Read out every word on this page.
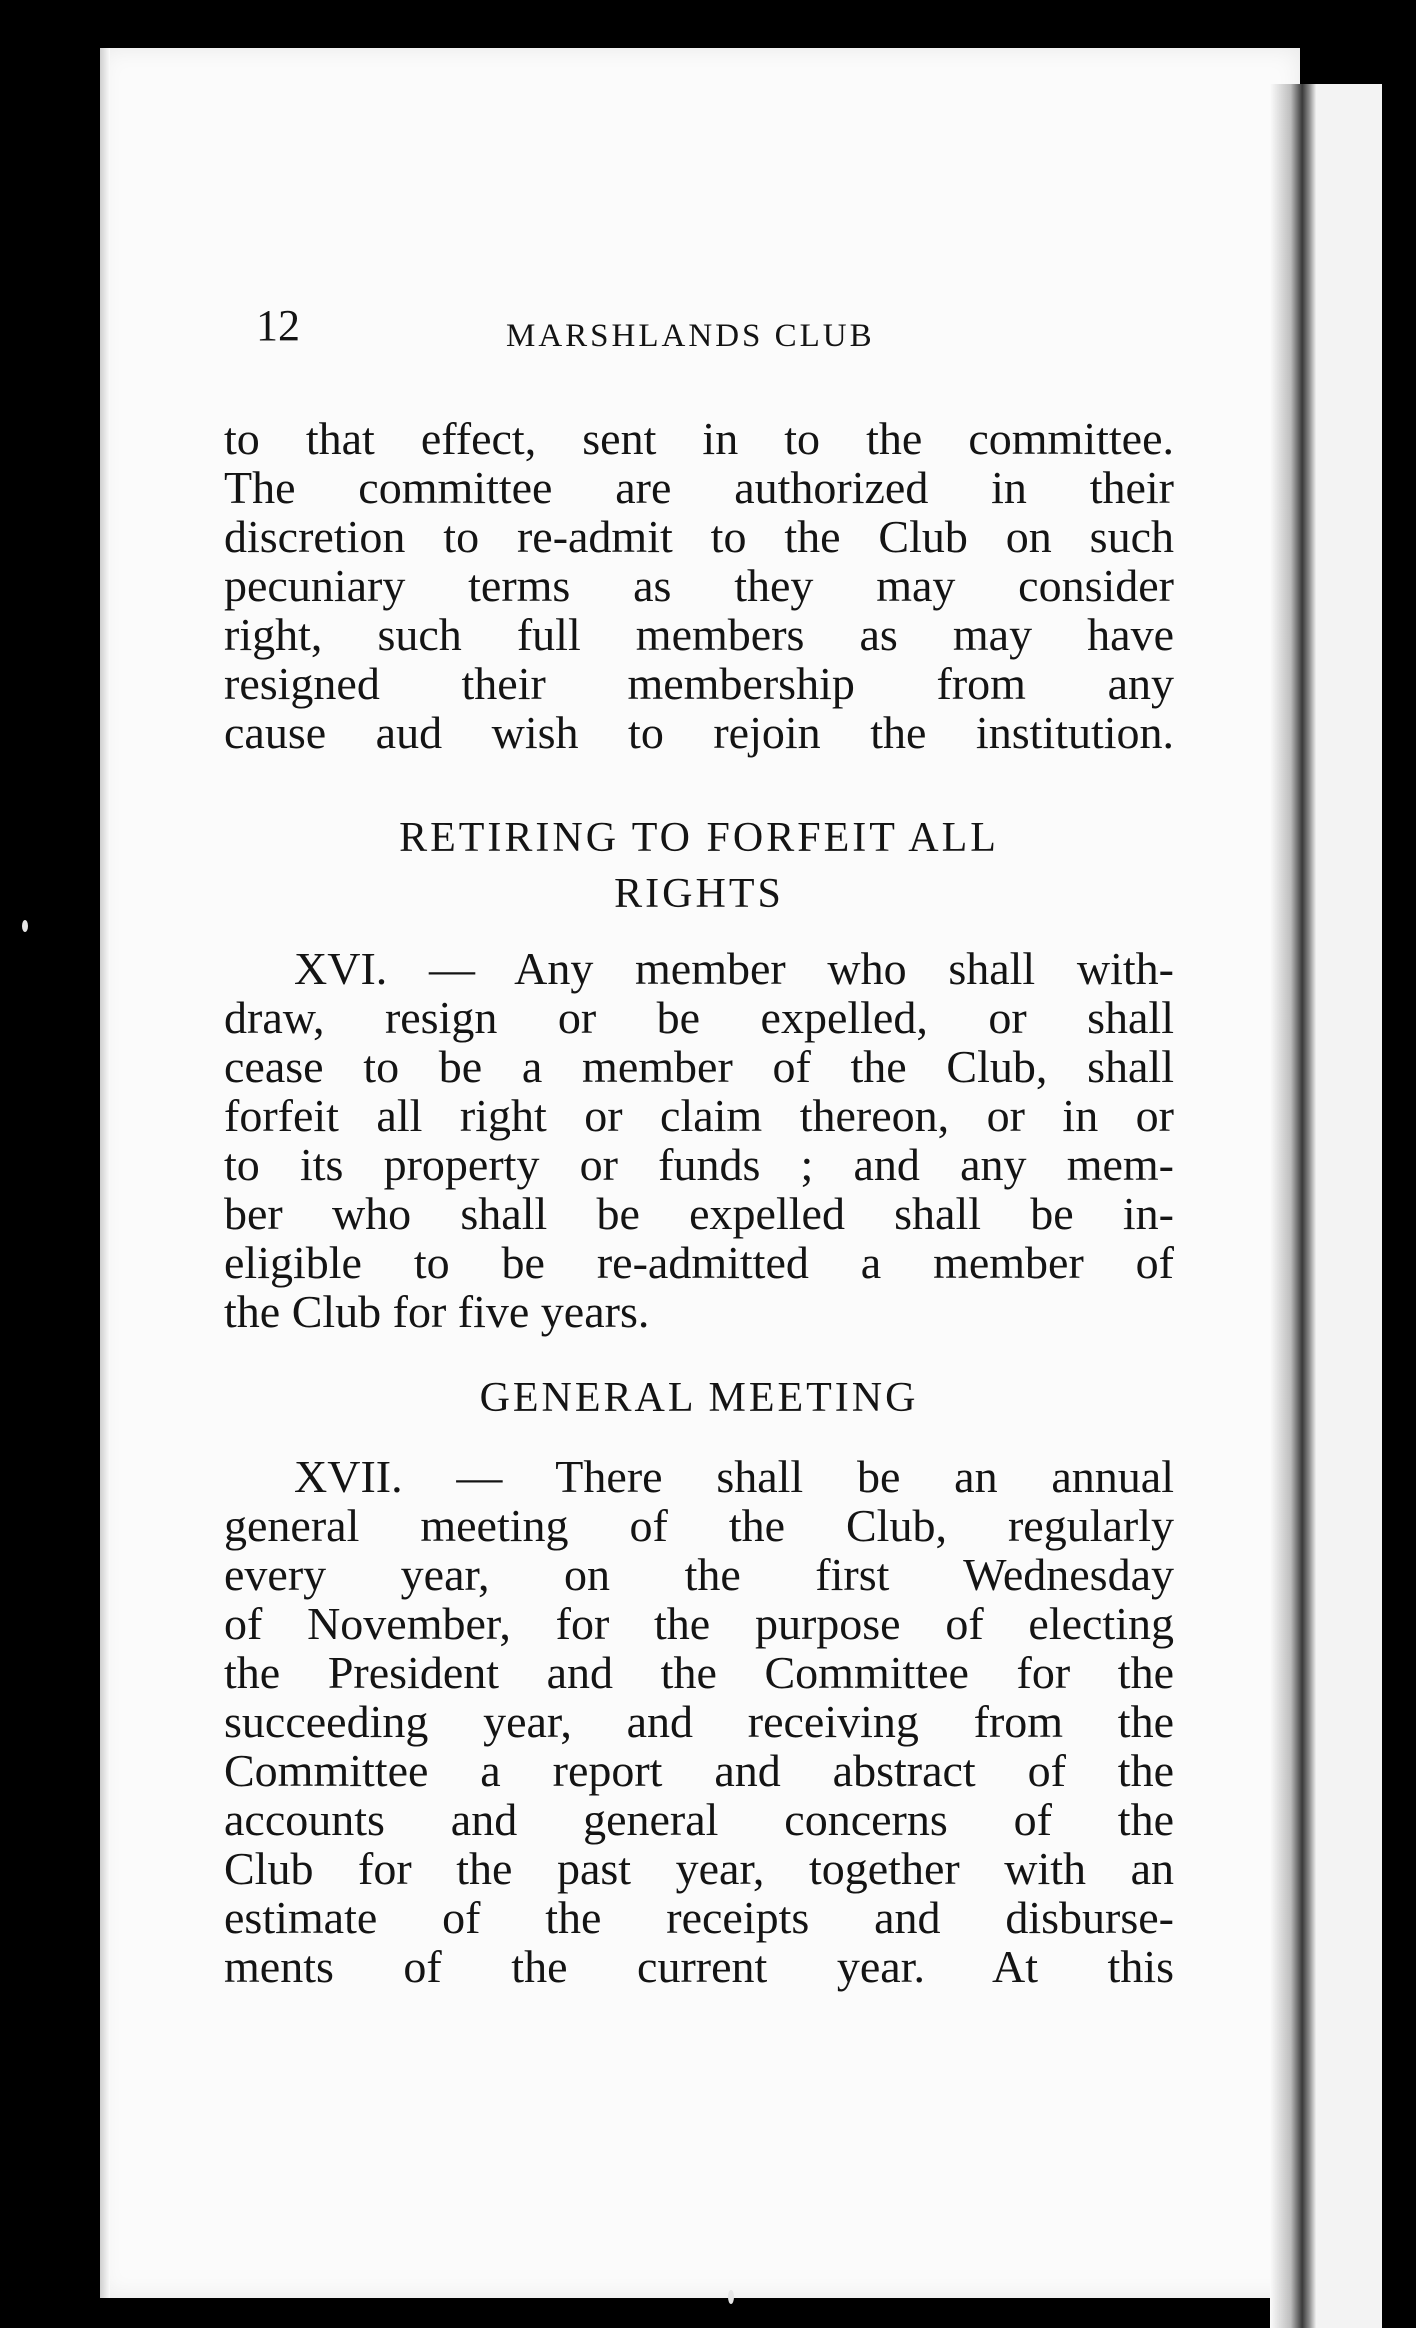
12	MARSHLANDS CLUB
to that effect, sent in to the committee.
The committee are authorized in their
discretion to re-admit to the Club on such
pecuniary terms as they may consider
right, such full members as may have
resigned their membership from any
cause aud wish to rejoin the institution.
RETIRING TO FORFEIT ALL
RIGHTS
XVI. — Any member who shall with-
draw, resign or be expelled, or shall
cease to be a member of the Club, shall
forfeit all right or claim thereon, or in or
to its property or funds ; and any mem-
ber who shall be expelled shall be in-
eligible to be re-admitted a member of
the Club for five years.
GENERAL MEETING
XVII. — There shall be an annual
general meeting of the Club, regularly
every year, on the first Wednesday
of November, for the purpose of electing
the President and the Committee for the
succeeding year, and receiving from the
Committee a report and abstract of the
accounts and general concerns of the
Club for the past year, together with an
estimate of the receipts and disburse-
ments of the current year. At this
